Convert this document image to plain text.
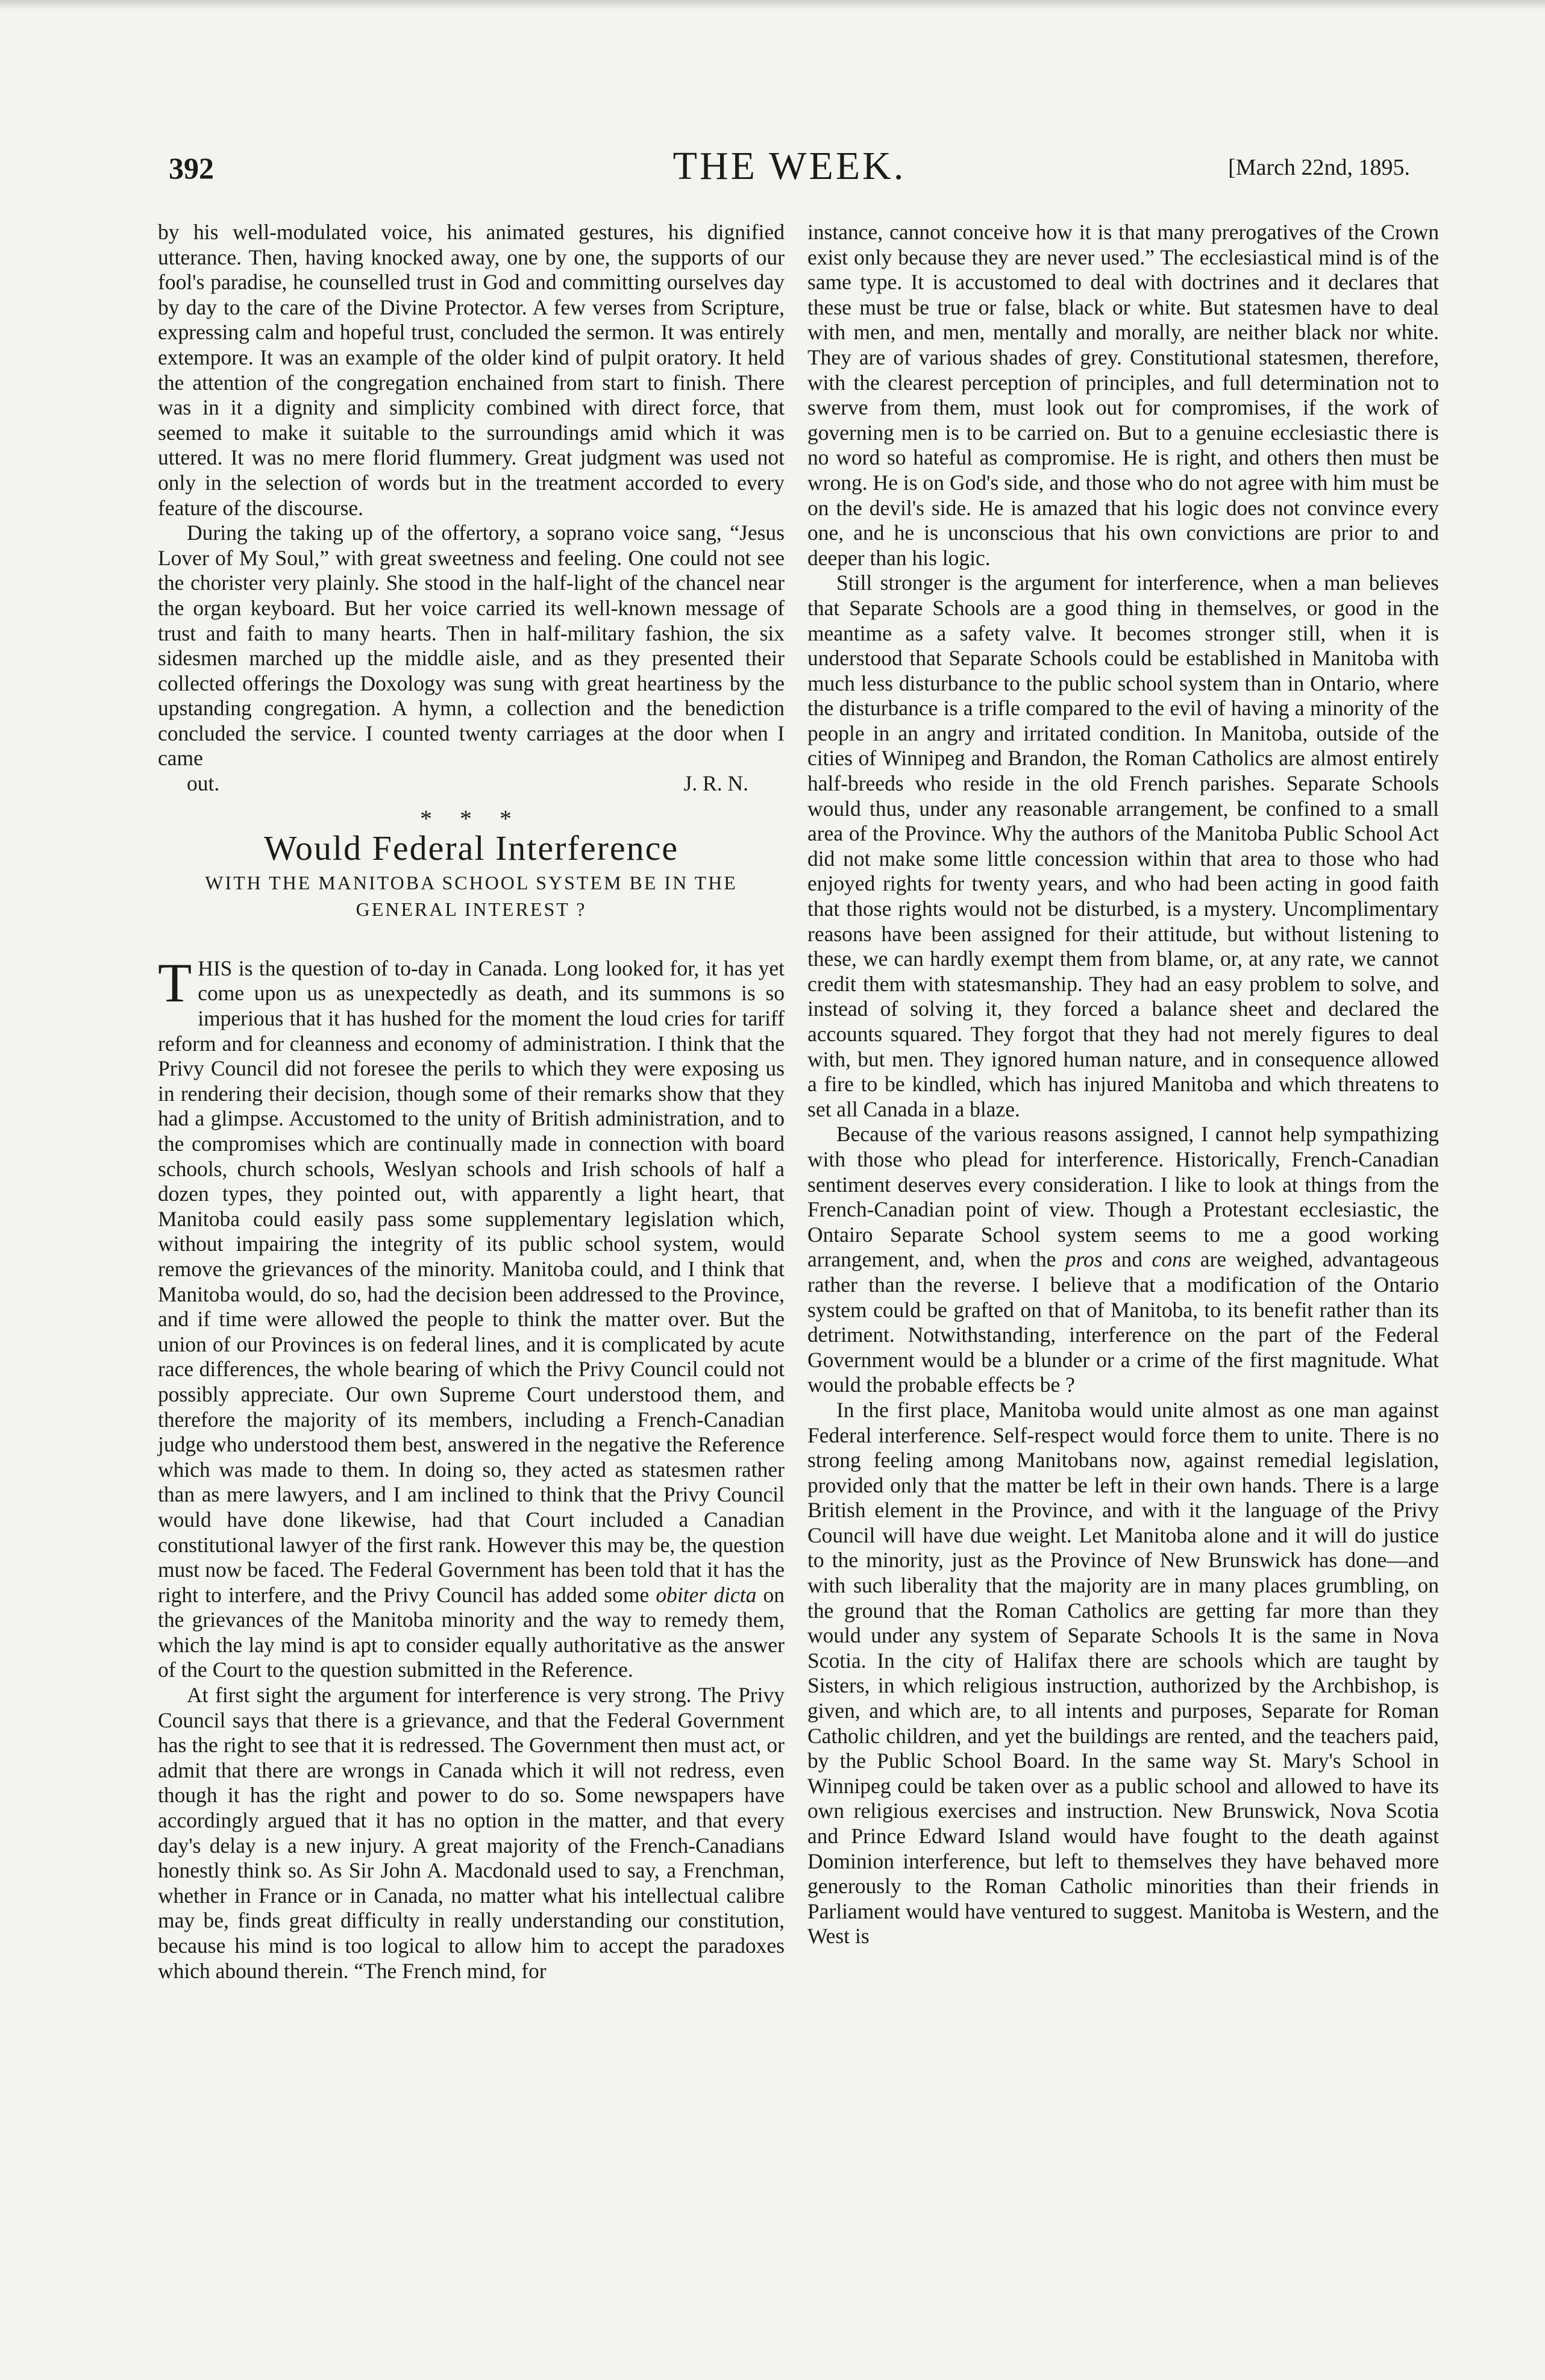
392	THE WEEK.	[March 22nd, 1895.

by his well-modulated voice, his animated gestures, his dignified utterance. Then, having knocked away, one by one, the supports of our fool's paradise, he counselled trust in God and committing ourselves day by day to the care of the Divine Protector. A few verses from Scripture, expressing calm and hopeful trust, concluded the sermon. It was entirely extempore. It was an example of the older kind of pulpit oratory. It held the attention of the congregation enchained from start to finish. There was in it a dignity and simplicity combined with direct force, that seemed to make it suitable to the surroundings amid which it was uttered. It was no mere florid flummery. Great judgment was used not only in the selection of words but in the treatment accorded to every feature of the discourse.

During the taking up of the offertory, a soprano voice sang, “Jesus Lover of My Soul,” with great sweetness and feeling. One could not see the chorister very plainly. She stood in the half-light of the chancel near the organ keyboard. But her voice carried its well-known message of trust and faith to many hearts. Then in half-military fashion, the six sidesmen marched up the middle aisle, and as they presented their collected offerings the Doxology was sung with great heartiness by the upstanding congregation. A hymn, a collection and the benediction concluded the service. I counted twenty carriages at the door when I came

out.	J. R. N.

* * *
Would Federal Interference
WITH THE MANITOBA SCHOOL SYSTEM BE IN THE GENERAL INTEREST ?

THIS is the question of to-day in Canada. Long looked for, it has yet come upon us as unexpectedly as death, and its summons is so imperious that it has hushed for the moment the loud cries for tariff reform and for cleanness and economy of administration. I think that the Privy Council did not foresee the perils to which they were exposing us in rendering their decision, though some of their remarks show that they had a glimpse. Accustomed to the unity of British administration, and to the compromises which are continually made in connection with board schools, church schools, Weslyan schools and Irish schools of half a dozen types, they pointed out, with apparently a light heart, that Manitoba could easily pass some supplementary legislation which, without impairing the integrity of its public school system, would remove the grievances of the minority. Manitoba could, and I think that Manitoba would, do so, had the decision been addressed to the Province, and if time were allowed the people to think the matter over. But the union of our Provinces is on federal lines, and it is complicated by acute race differences, the whole bearing of which the Privy Council could not possibly appreciate. Our own Supreme Court understood them, and therefore the majority of its members, including a French-Canadian judge who understood them best, answered in the negative the Reference which was made to them. In doing so, they acted as statesmen rather than as mere lawyers, and I am inclined to think that the Privy Council would have done likewise, had that Court included a Canadian constitutional lawyer of the first rank. However this may be, the question must now be faced. The Federal Government has been told that it has the right to interfere, and the Privy Council has added some obiter dicta on the grievances of the Manitoba minority and the way to remedy them, which the lay mind is apt to consider equally authoritative as the answer of the Court to the question submitted in the Reference.

At first sight the argument for interference is very strong. The Privy Council says that there is a grievance, and that the Federal Government has the right to see that it is redressed. The Government then must act, or admit that there are wrongs in Canada which it will not redress, even though it has the right and power to do so. Some newspapers have accordingly argued that it has no option in the matter, and that every day's delay is a new injury. A great majority of the French-Canadians honestly think so. As Sir John A. Macdonald used to say, a Frenchman, whether in France or in Canada, no matter what his intellectual calibre may be, finds great difficulty in really understanding our constitution, because his mind is too logical to allow him to accept the paradoxes which abound therein. “The French mind, for

instance, cannot conceive how it is that many prerogatives of the Crown exist only because they are never used.” The ecclesiastical mind is of the same type. It is accustomed to deal with doctrines and it declares that these must be true or false, black or white. But statesmen have to deal with men, and men, mentally and morally, are neither black nor white. They are of various shades of grey. Constitutional statesmen, therefore, with the clearest perception of principles, and full determination not to swerve from them, must look out for compromises, if the work of governing men is to be carried on. But to a genuine ecclesiastic there is no word so hateful as compromise. He is right, and others then must be wrong. He is on God's side, and those who do not agree with him must be on the devil's side. He is amazed that his logic does not convince every one, and he is unconscious that his own convictions are prior to and deeper than his logic.

Still stronger is the argument for interference, when a man believes that Separate Schools are a good thing in themselves, or good in the meantime as a safety valve. It becomes stronger still, when it is understood that Separate Schools could be established in Manitoba with much less disturbance to the public school system than in Ontario, where the disturbance is a trifle compared to the evil of having a minority of the people in an angry and irritated condition. In Manitoba, outside of the cities of Winnipeg and Brandon, the Roman Catholics are almost entirely half-breeds who reside in the old French parishes. Separate Schools would thus, under any reasonable arrangement, be confined to a small area of the Province. Why the authors of the Manitoba Public School Act did not make some little concession within that area to those who had enjoyed rights for twenty years, and who had been acting in good faith that those rights would not be disturbed, is a mystery. Uncomplimentary reasons have been assigned for their attitude, but without listening to these, we can hardly exempt them from blame, or, at any rate, we cannot credit them with statesmanship. They had an easy problem to solve, and instead of solving it, they forced a balance sheet and declared the accounts squared. They forgot that they had not merely figures to deal with, but men. They ignored human nature, and in consequence allowed a fire to be kindled, which has injured Manitoba and which threatens to set all Canada in a blaze.

Because of the various reasons assigned, I cannot help sympathizing with those who plead for interference. Historically, French-Canadian sentiment deserves every consideration. I like to look at things from the French-Canadian point of view. Though a Protestant ecclesiastic, the Ontairo Separate School system seems to me a good working arrangement, and, when the pros and cons are weighed, advantageous rather than the reverse. I believe that a modification of the Ontario system could be grafted on that of Manitoba, to its benefit rather than its detriment. Notwithstanding, interference on the part of the Federal Government would be a blunder or a crime of the first magnitude. What would the probable effects be ?

In the first place, Manitoba would unite almost as one man against Federal interference. Self-respect would force them to unite. There is no strong feeling among Manitobans now, against remedial legislation, provided only that the matter be left in their own hands. There is a large British element in the Province, and with it the language of the Privy Council will have due weight. Let Manitoba alone and it will do justice to the minority, just as the Province of New Brunswick has done—and with such liberality that the majority are in many places grumbling, on the ground that the Roman Catholics are getting far more than they would under any system of Separate Schools It is the same in Nova Scotia. In the city of Halifax there are schools which are taught by Sisters, in which religious instruction, authorized by the Archbishop, is given, and which are, to all intents and purposes, Separate for Roman Catholic children, and yet the buildings are rented, and the teachers paid, by the Public School Board. In the same way St. Mary's School in Winnipeg could be taken over as a public school and allowed to have its own religious exercises and instruction. New Brunswick, Nova Scotia and Prince Edward Island would have fought to the death against Dominion interference, but left to themselves they have behaved more generously to the Roman Catholic minorities than their friends in Parliament would have ventured to suggest. Manitoba is Western, and the West is
